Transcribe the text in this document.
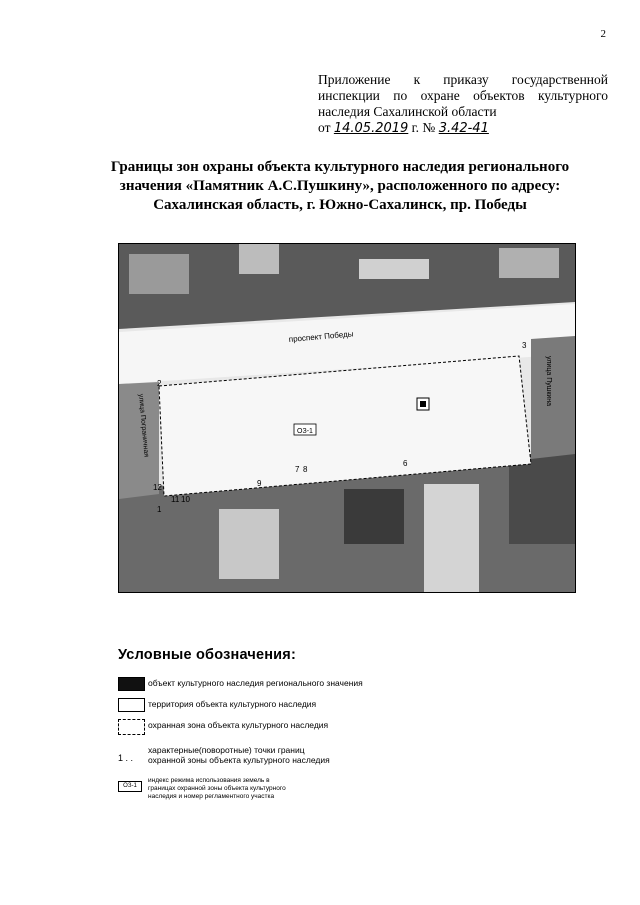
2
Приложение к приказу государственной
инспекции по охране объектов культурного
наследия Сахалинской области
от 14.05.2019 г. № 3.42-41
Границы зон охраны объекта культурного наследия регионального
значения «Памятник А.С.Пушкину», расположенного по адресу:
Сахалинская область, г. Южно-Сахалинск, пр. Победы
ОЗ-1
проспект Победы
улица Пушкина
улица Пограничная
1
2
3
6
7 8
9
10
11
12
Условные обозначения:
объект культурного наследия регионального значения
территория объекта культурного наследия
охранная зона объекта культурного наследия
1 . .
характерные(поворотные) точки границ
охранной зоны объекта культурного наследия
ОЗ-1
индекс режима использования земель в
границах охранной зоны объекта культурного
наследия и номер регламентного участка
